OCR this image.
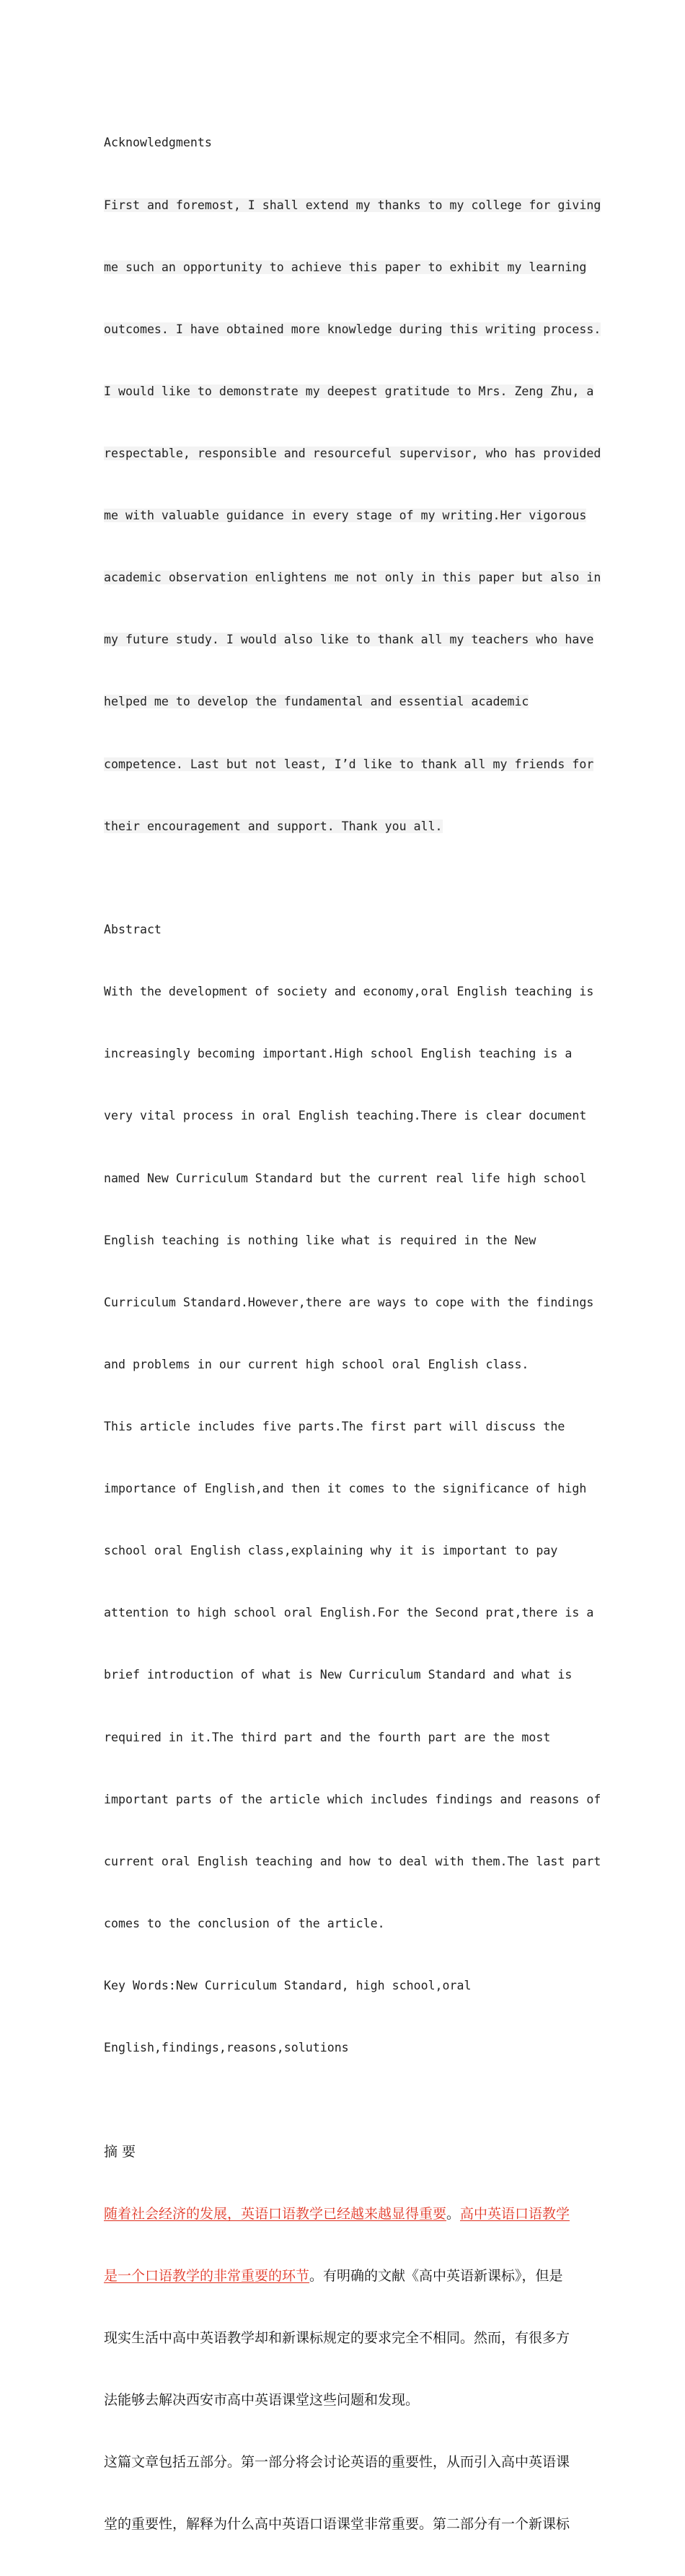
Acknowledgments

First and foremost, I shall extend my thanks to my college for giving

me such an opportunity to achieve this paper to exhibit my learning

outcomes. I have obtained more knowledge during this writing process.

I would like to demonstrate my deepest gratitude to Mrs. Zeng Zhu, a

respectable, responsible and resourceful supervisor, who has provided

me with valuable guidance in every stage of my writing.Her vigorous

academic observation enlightens me not only in this paper but also in

my future study. I would also like to thank all my teachers who have

helped me to develop the fundamental and essential academic

competence. Last but not least, I’d like to thank all my friends for

their encouragement and support. Thank you all.

Abstract

With the development of society and economy,oral English teaching is

increasingly becoming important.High school English teaching is a

very vital process in oral English teaching.There is clear document

named New Curriculum Standard but the current real life high school

English teaching is nothing like what is required in the New

Curriculum Standard.However,there are ways to cope with the findings

and problems in our current high school oral English class.

This article includes five parts.The first part will discuss the

importance of English,and then it comes to the significance of high

school oral English class,explaining why it is important to pay

attention to high school oral English.For the Second prat,there is a

brief introduction of what is New Curriculum Standard and what is

required in it.The third part and the fourth part are the most

important parts of the article which includes findings and reasons of

current oral English teaching and how to deal with them.The last part

comes to the conclusion of the article.

Key Words:New Curriculum Standard, high school,oral

English,findings,reasons,solutions

摘 要

随着社会经济的发展，英语口语教学已经越来越显得重要。高中英语口语教学

是一个口语教学的非常重要的环节。有明确的文献《高中英语新课标》，但是

现实生活中高中英语教学却和新课标规定的要求完全不相同。然而，有很多方

法能够去解决西安市高中英语课堂这些问题和发现。

这篇文章包括五部分。第一部分将会讨论英语的重要性，从而引入高中英语课

堂的重要性，解释为什么高中英语口语课堂非常重要。第二部分有一个新课标
